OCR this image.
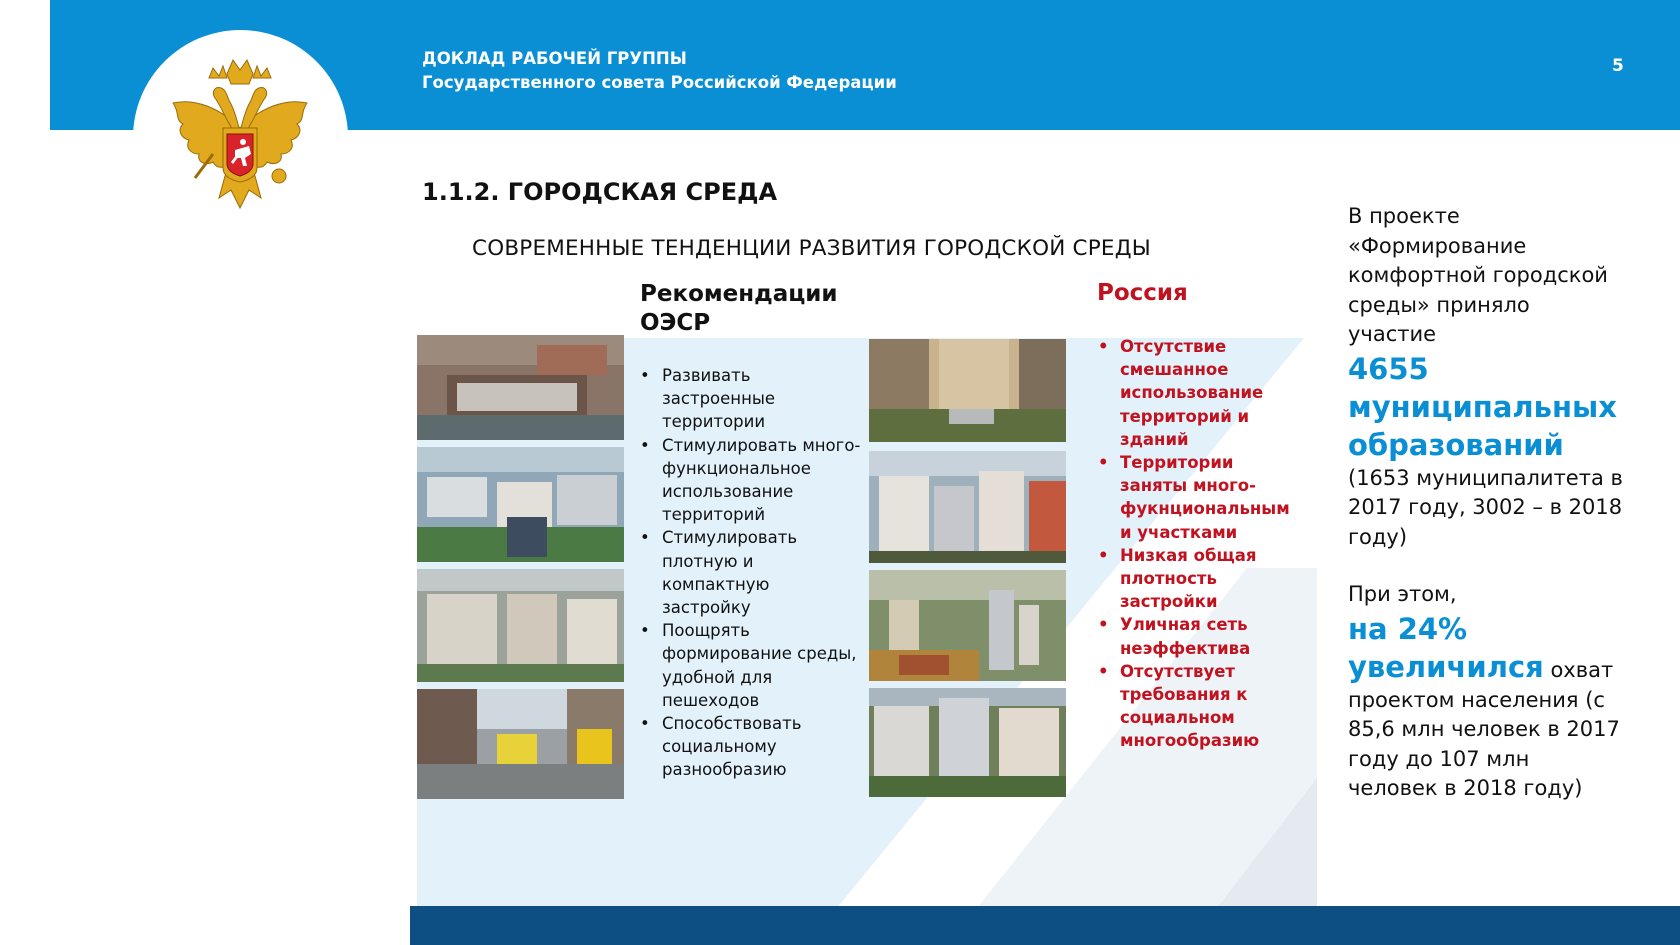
ДОКЛАД РАБОЧЕЙ ГРУППЫ
Государственного совета Российской Федерации
5
1.1.2. ГОРОДСКАЯ СРЕДА
СОВРЕМЕННЫЕ ТЕНДЕНЦИИ РАЗВИТИЯ ГОРОДСКОЙ СРЕДЫ
Рекомендации ОЭСР
Россия
• Развивать застроенные территории
• Стимулировать много-функциональное использование территорий
• Стимулировать плотную и компактную застройку
• Поощрять формирование среды, удобной для пешеходов
• Способствовать социальному разнообразию
• Отсутствие смешанное использование территорий и зданий
• Территории заняты много-фукнциональным и участками
• Низкая общая плотность застройки
• Уличная сеть неэффектива
• Отсутствует требования к социальном многообразию
В проекте «Формирование комфортной городской среды» приняло участие
4655
муниципальных образований
(1653 муниципалитета в 2017 году, 3002 – в 2018 году)
При этом,
на 24%
увеличился охват проектом населения (с 85,6 млн человек в 2017 году до 107 млн человек в 2018 году)
